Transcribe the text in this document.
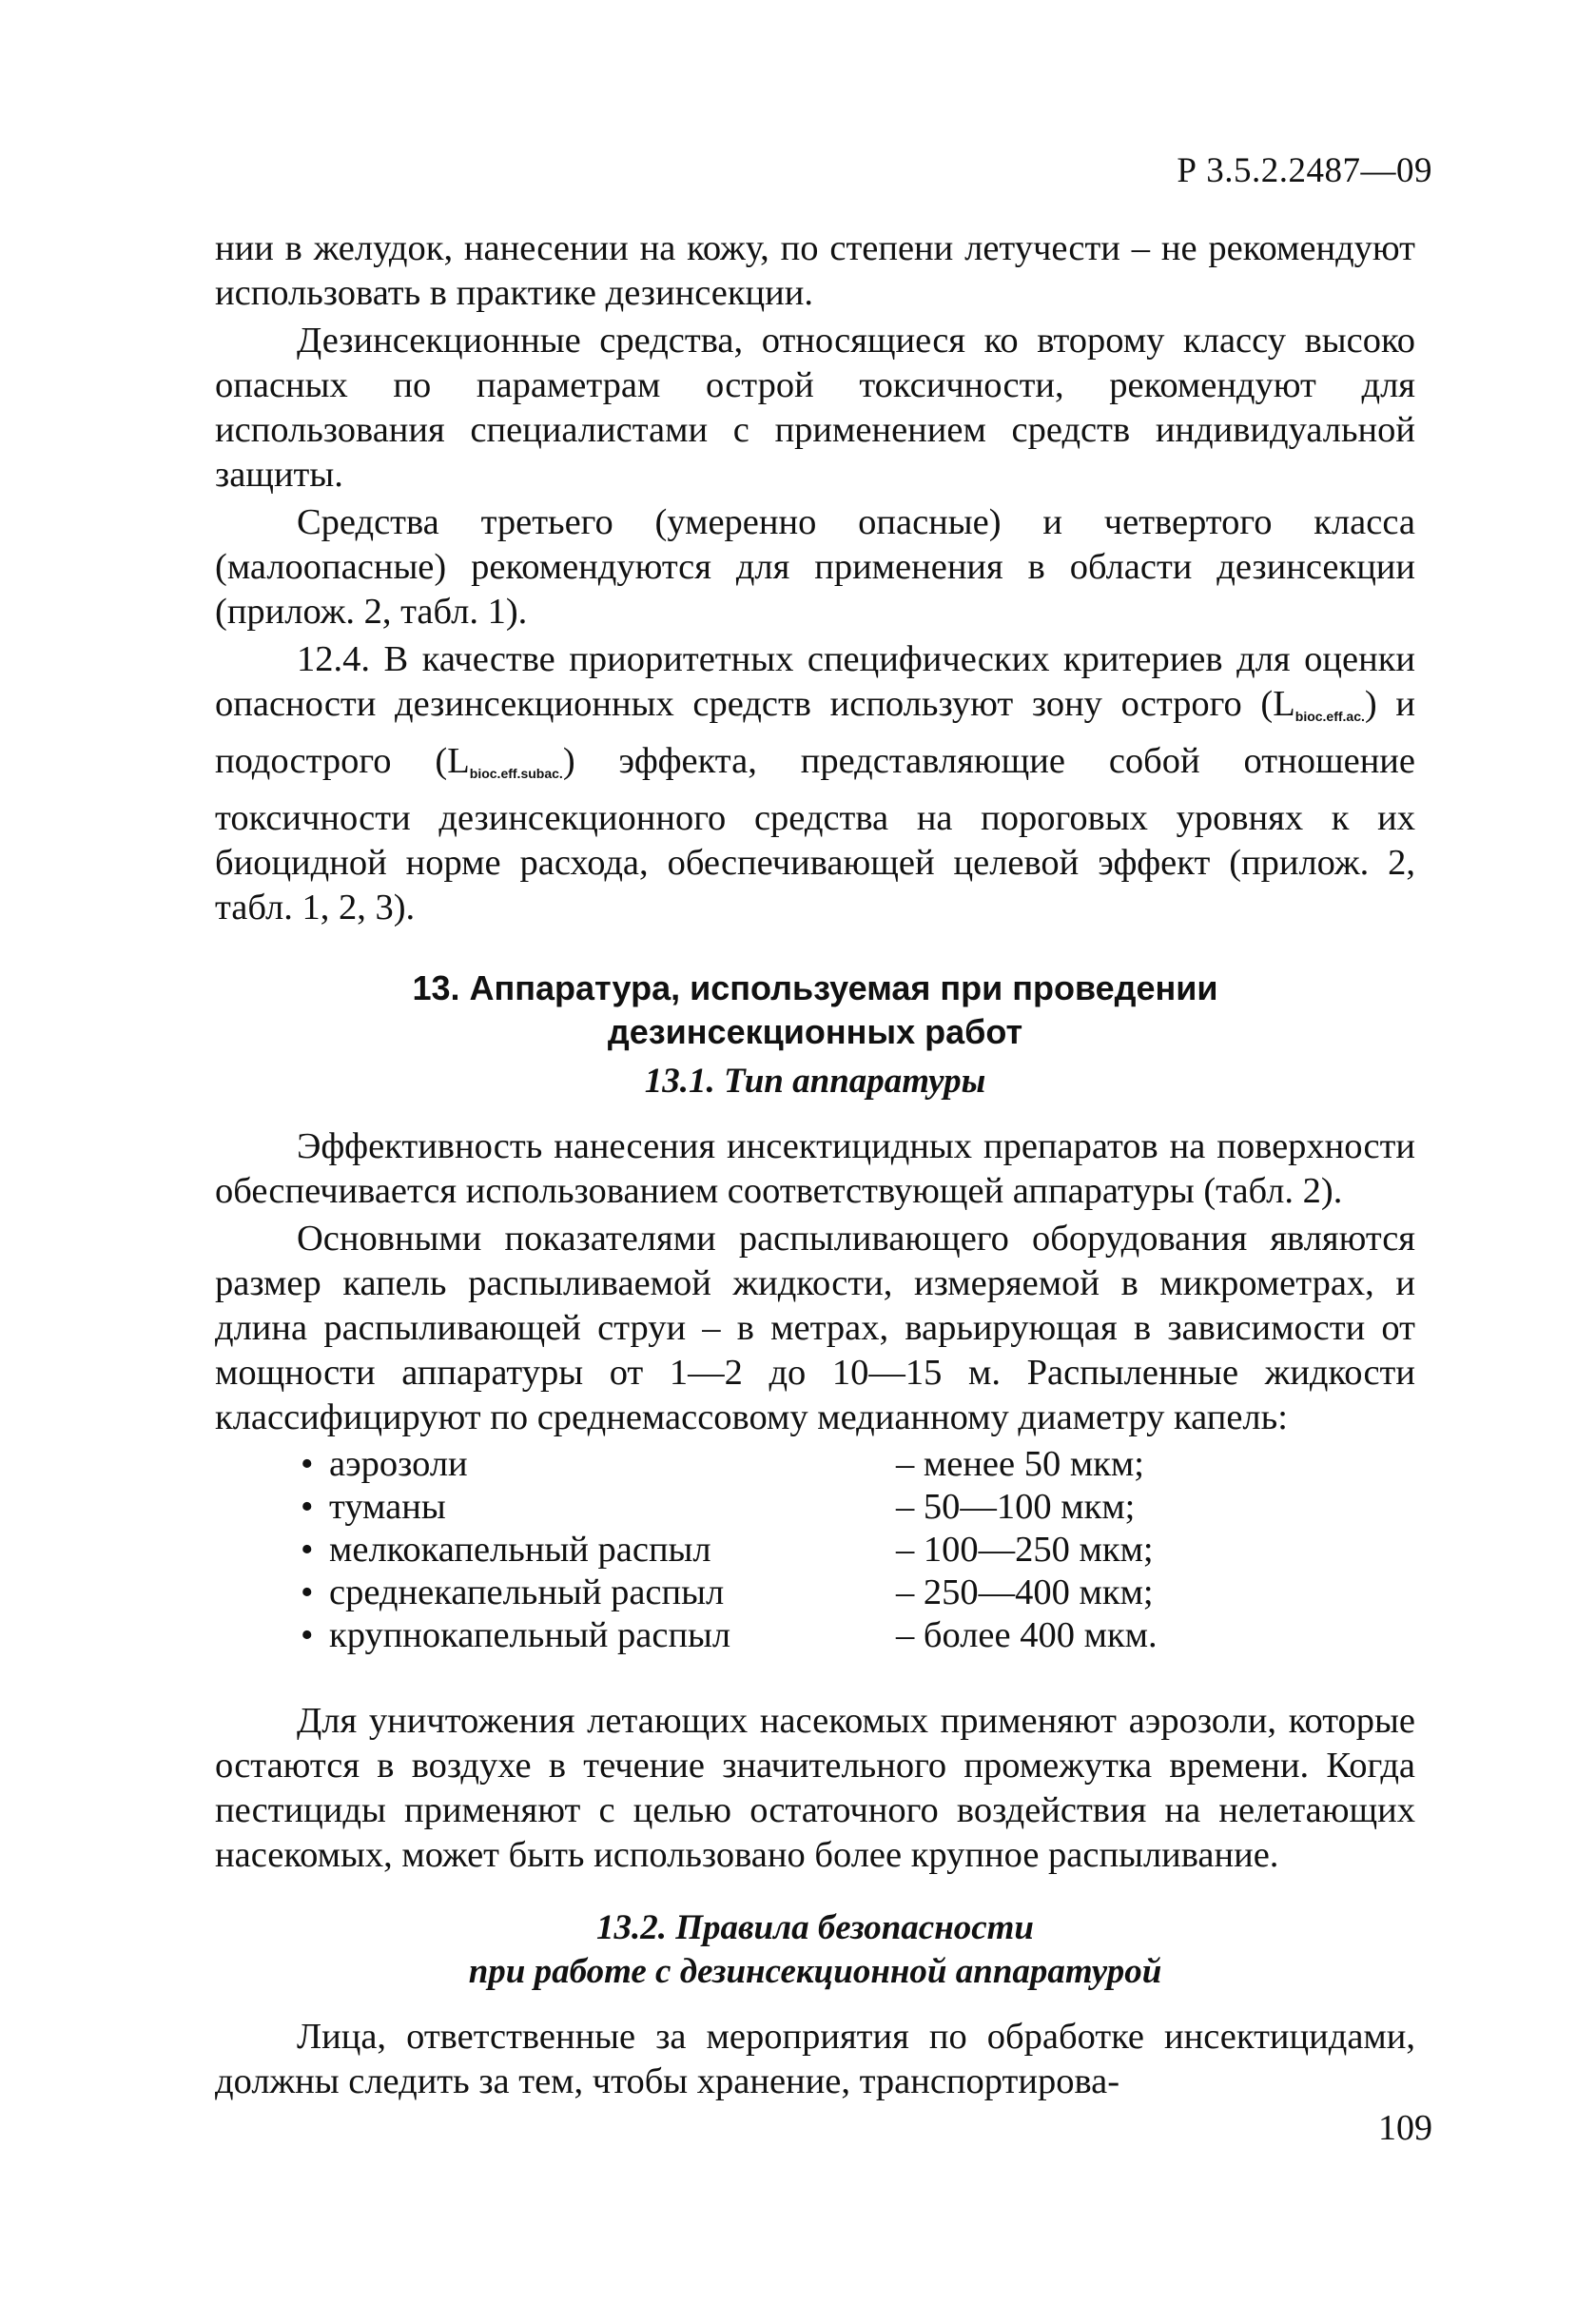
Р 3.5.2.2487—09

нии в желудок, нанесении на кожу, по степени летучести – не рекомендуют использовать в практике дезинсекции.

Дезинсекционные средства, относящиеся ко второму классу высоко опасных по параметрам острой токсичности, рекомендуют для использования специалистами с применением средств индивидуальной защиты.

Средства третьего (умеренно опасные) и четвертого класса (малоопасные) рекомендуются для применения в области дезинсекции (прилож. 2, табл. 1).

12.4. В качестве приоритетных специфических критериев для оценки опасности дезинсекционных средств используют зону острого $(L_{bioc.eff.ac.})$ и подострого $(L_{bioc.eff.subac.})$ эффекта, представляющие собой отношение токсичности дезинсекционного средства на пороговых уровнях к их биоцидной норме расхода, обеспечивающей целевой эффект (прилож. 2, табл. 1, 2, 3).

13. Аппаратура, используемая при проведении
дезинсекционных работ
13.1. Тип аппаратуры

Эффективность нанесения инсектицидных препаратов на поверхности обеспечивается использованием соответствующей аппаратуры (табл. 2).

Основными показателями распыливающего оборудования являются размер капель распыливаемой жидкости, измеряемой в микрометрах, и длина распыливающей струи – в метрах, варьирующая в зависимости от мощности аппаратуры от 1—2 до 10—15 м. Распыленные жидкости классифицируют по среднемассовому медианному диаметру капель:

• аэрозоли	– менее 50 мкм;
• туманы	– 50—100 мкм;
• мелкокапельный распыл	– 100—250 мкм;
• среднекапельный распыл	– 250—400 мкм;
• крупнокапельный распыл	– более 400 мкм.

Для уничтожения летающих насекомых применяют аэрозоли, которые остаются в воздухе в течение значительного промежутка времени. Когда пестициды применяют с целью остаточного воздействия на нелетающих насекомых, может быть использовано более крупное распыливание.

13.2. Правила безопасности
при работе с дезинсекционной аппаратурой

Лица, ответственные за мероприятия по обработке инсектицидами, должны следить за тем, чтобы хранение, транспортирова-

109
